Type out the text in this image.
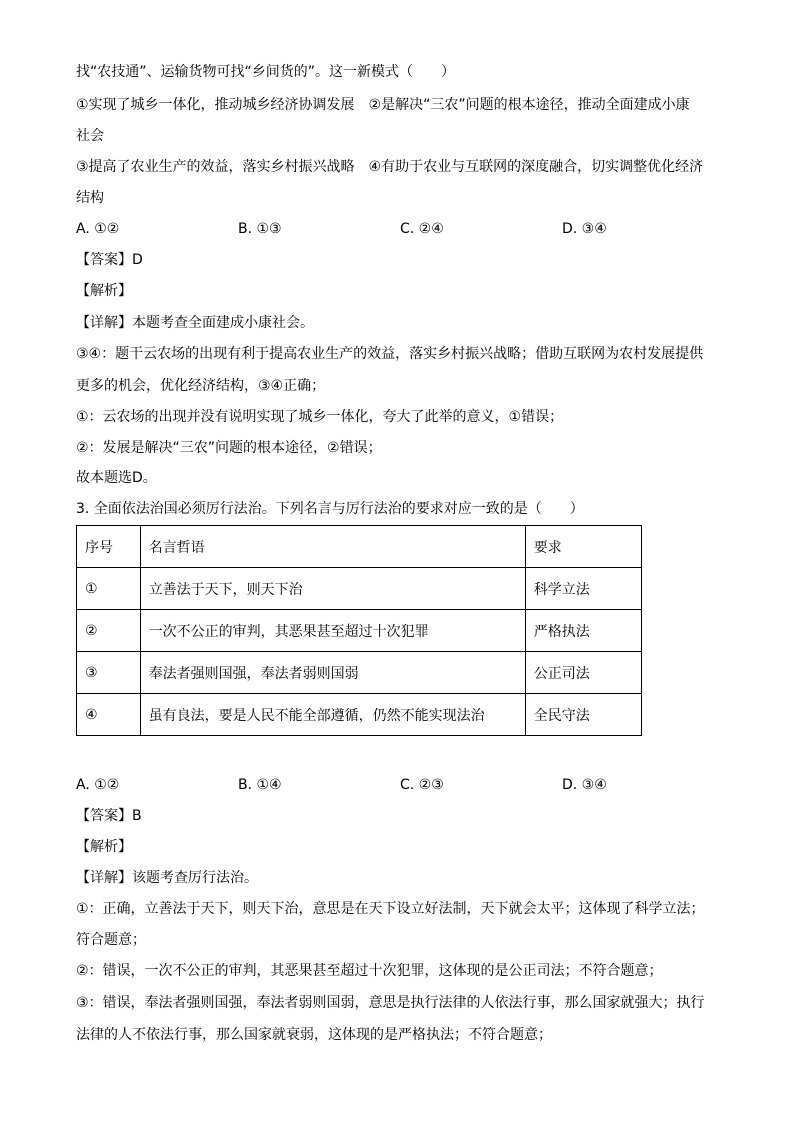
找“农技通”、运输货物可找“乡间货的”。这一新模式（　　）
①实现了城乡一体化，推动城乡经济协调发展　②是解决“三农”问题的根本途径，推动全面建成小康
社会
③提高了农业生产的效益，落实乡村振兴战略　④有助于农业与互联网的深度融合，切实调整优化经济
结构
A. ①②	B. ①③	C. ②④	D. ③④
【答案】D
【解析】
【详解】本题考查全面建成小康社会。
③④：题干云农场的出现有利于提高农业生产的效益，落实乡村振兴战略；借助互联网为农村发展提供
更多的机会，优化经济结构，③④正确；
①：云农场的出现并没有说明实现了城乡一体化，夸大了此举的意义，①错误；
②：发展是解决“三农”问题的根本途径，②错误；
故本题选D。
3. 全面依法治国必须厉行法治。下列名言与厉行法治的要求对应一致的是（　　）
序号	名言哲语	要求
①	立善法于天下，则天下治	科学立法
②	一次不公正的审判，其恶果甚至超过十次犯罪	严格执法
③	奉法者强则国强，奉法者弱则国弱	公正司法
④	虽有良法，要是人民不能全部遵循，仍然不能实现法治	全民守法
A. ①②	B. ①④	C. ②③	D. ③④
【答案】B
【解析】
【详解】该题考查厉行法治。
①：正确，立善法于天下，则天下治，意思是在天下设立好法制，天下就会太平；这体现了科学立法；
符合题意；
②：错误，一次不公正的审判，其恶果甚至超过十次犯罪，这体现的是公正司法；不符合题意；
③：错误，奉法者强则国强，奉法者弱则国弱，意思是执行法律的人依法行事，那么国家就强大；执行
法律的人不依法行事，那么国家就衰弱，这体现的是严格执法；不符合题意；
